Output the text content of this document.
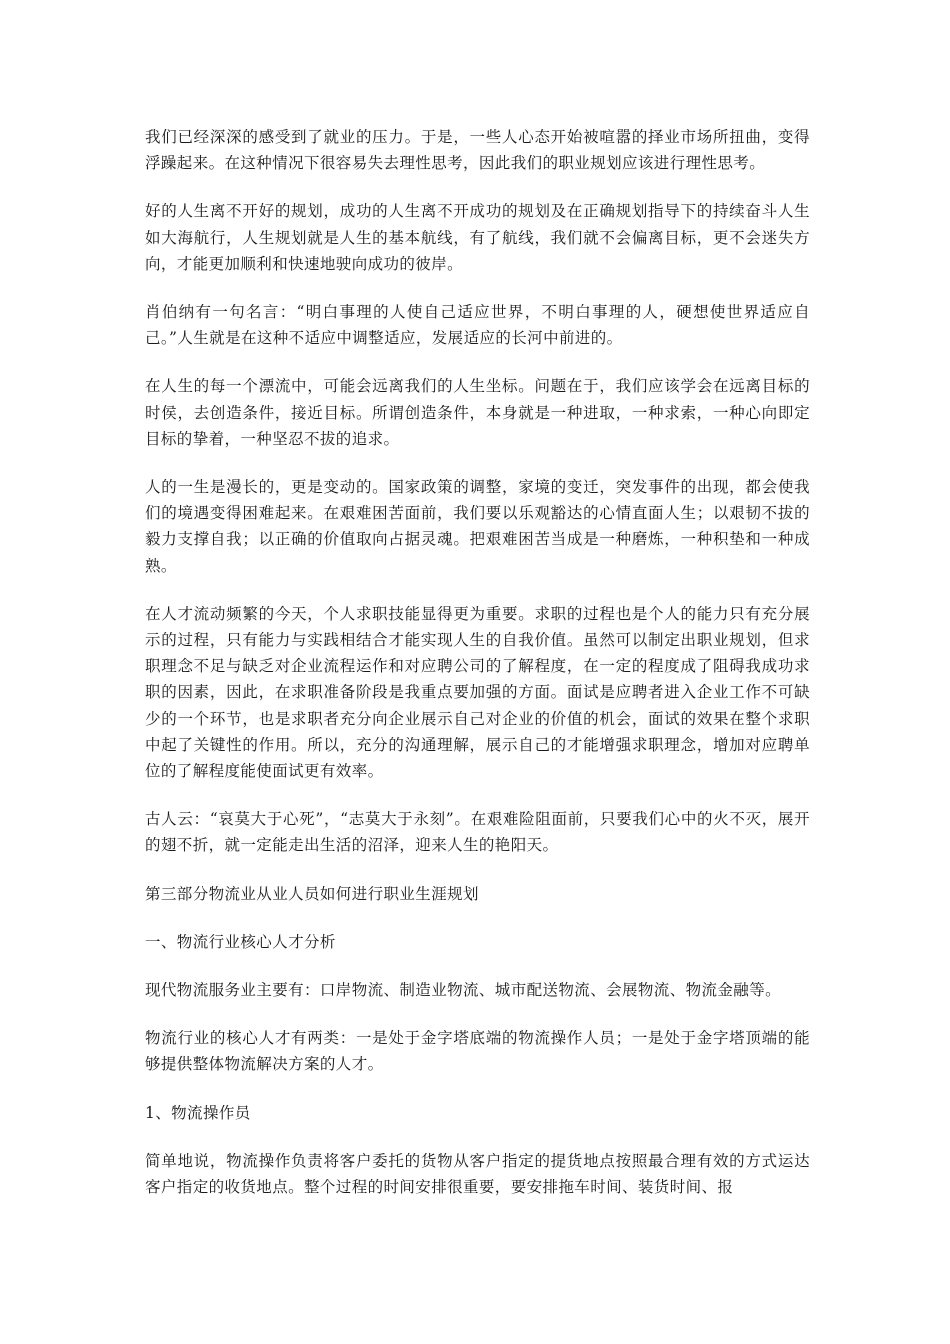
我们已经深深的感受到了就业的压力。于是，一些人心态开始被喧嚣的择业市场所扭曲，变得浮躁起来。在这种情况下很容易失去理性思考，因此我们的职业规划应该进行理性思考。

好的人生离不开好的规划，成功的人生离不开成功的规划及在正确规划指导下的持续奋斗人生如大海航行，人生规划就是人生的基本航线，有了航线，我们就不会偏离目标，更不会迷失方向，才能更加顺利和快速地驶向成功的彼岸。

肖伯纳有一句名言：“明白事理的人使自己适应世界，不明白事理的人，硬想使世界适应自己。”人生就是在这种不适应中调整适应，发展适应的长河中前进的。

在人生的每一个漂流中，可能会远离我们的人生坐标。问题在于，我们应该学会在远离目标的时侯，去创造条件，接近目标。所谓创造条件，本身就是一种进取，一种求索，一种心向即定目标的挚着，一种坚忍不拔的追求。

人的一生是漫长的，更是变动的。国家政策的调整，家境的变迁，突发事件的出现，都会使我们的境遇变得困难起来。在艰难困苦面前，我们要以乐观豁达的心情直面人生；以艰韧不拔的毅力支撑自我；以正确的价值取向占据灵魂。把艰难困苦当成是一种磨炼，一种积垫和一种成熟。

在人才流动频繁的今天，个人求职技能显得更为重要。求职的过程也是个人的能力只有充分展示的过程，只有能力与实践相结合才能实现人生的自我价值。虽然可以制定出职业规划，但求职理念不足与缺乏对企业流程运作和对应聘公司的了解程度，在一定的程度成了阻碍我成功求职的因素，因此，在求职准备阶段是我重点要加强的方面。面试是应聘者进入企业工作不可缺少的一个环节，也是求职者充分向企业展示自己对企业的价值的机会，面试的效果在整个求职中起了关键性的作用。所以，充分的沟通理解，展示自己的才能增强求职理念，增加对应聘单位的了解程度能使面试更有效率。

古人云：“哀莫大于心死”，“志莫大于永刻”。在艰难险阻面前，只要我们心中的火不灭，展开的翅不折，就一定能走出生活的沼泽，迎来人生的艳阳天。

第三部分物流业从业人员如何进行职业生涯规划

一、物流行业核心人才分析

现代物流服务业主要有：口岸物流、制造业物流、城市配送物流、会展物流、物流金融等。

物流行业的核心人才有两类：一是处于金字塔底端的物流操作人员；一是处于金字塔顶端的能够提供整体物流解决方案的人才。

1、物流操作员

简单地说，物流操作负责将客户委托的货物从客户指定的提货地点按照最合理有效的方式运达客户指定的收货地点。整个过程的时间安排很重要，要安排拖车时间、装货时间、报
